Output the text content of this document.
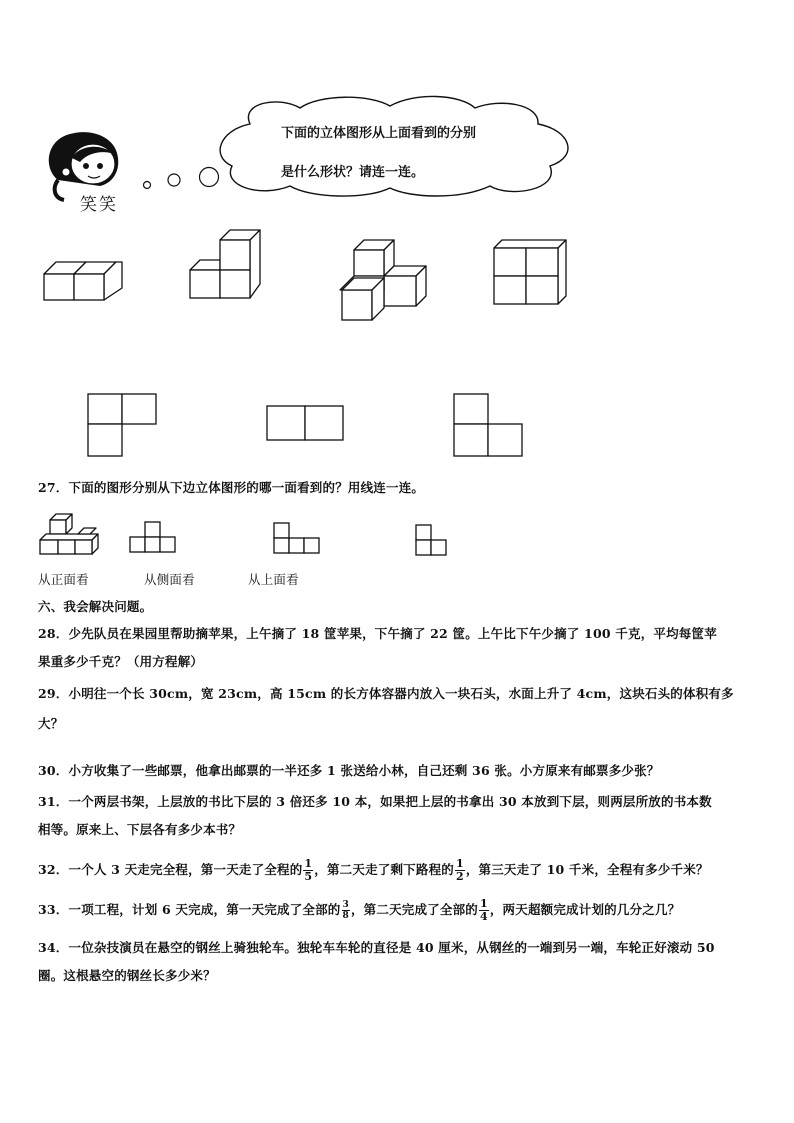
笑笑
下面的立体图形从上面看到的分别
是什么形状？请连一连。
27．下面的图形分别从下边立体图形的哪一面看到的？用线连一连。
从正面看	从侧面看	从上面看
六、我会解决问题。
28．少先队员在果园里帮助摘苹果，上午摘了 18 筐苹果，下午摘了 22 筐。上午比下午少摘了 100 千克，平均每筐苹
果重多少千克？（用方程解）
29．小明往一个长 30cm，宽 23cm，高 15cm 的长方体容器内放入一块石头，水面上升了 4cm，这块石头的体积有多
大？
30．小方收集了一些邮票，他拿出邮票的一半还多 1 张送给小林，自己还剩 36 张。小方原来有邮票多少张？
31．一个两层书架，上层放的书比下层的 3 倍还多 10 本，如果把上层的书拿出 30 本放到下层，则两层所放的书本数
相等。原来上、下层各有多少本书？
32．一个人 3 天走完全程，第一天走了全程的 $\frac{1}{5}$ ，第二天走了剩下路程的 $\frac{1}{2}$ ，第三天走了 10 千米，全程有多少千米？
33．一项工程，计划 6 天完成，第一天完成了全部的 $\frac{3}{8}$ ，第二天完成了全部的 $\frac{1}{4}$ ，两天超额完成计划的几分之几？
34．一位杂技演员在悬空的钢丝上骑独轮车。独轮车车轮的直径是 40 厘米，从钢丝的一端到另一端，车轮正好滚动 50
圈。这根悬空的钢丝长多少米？
